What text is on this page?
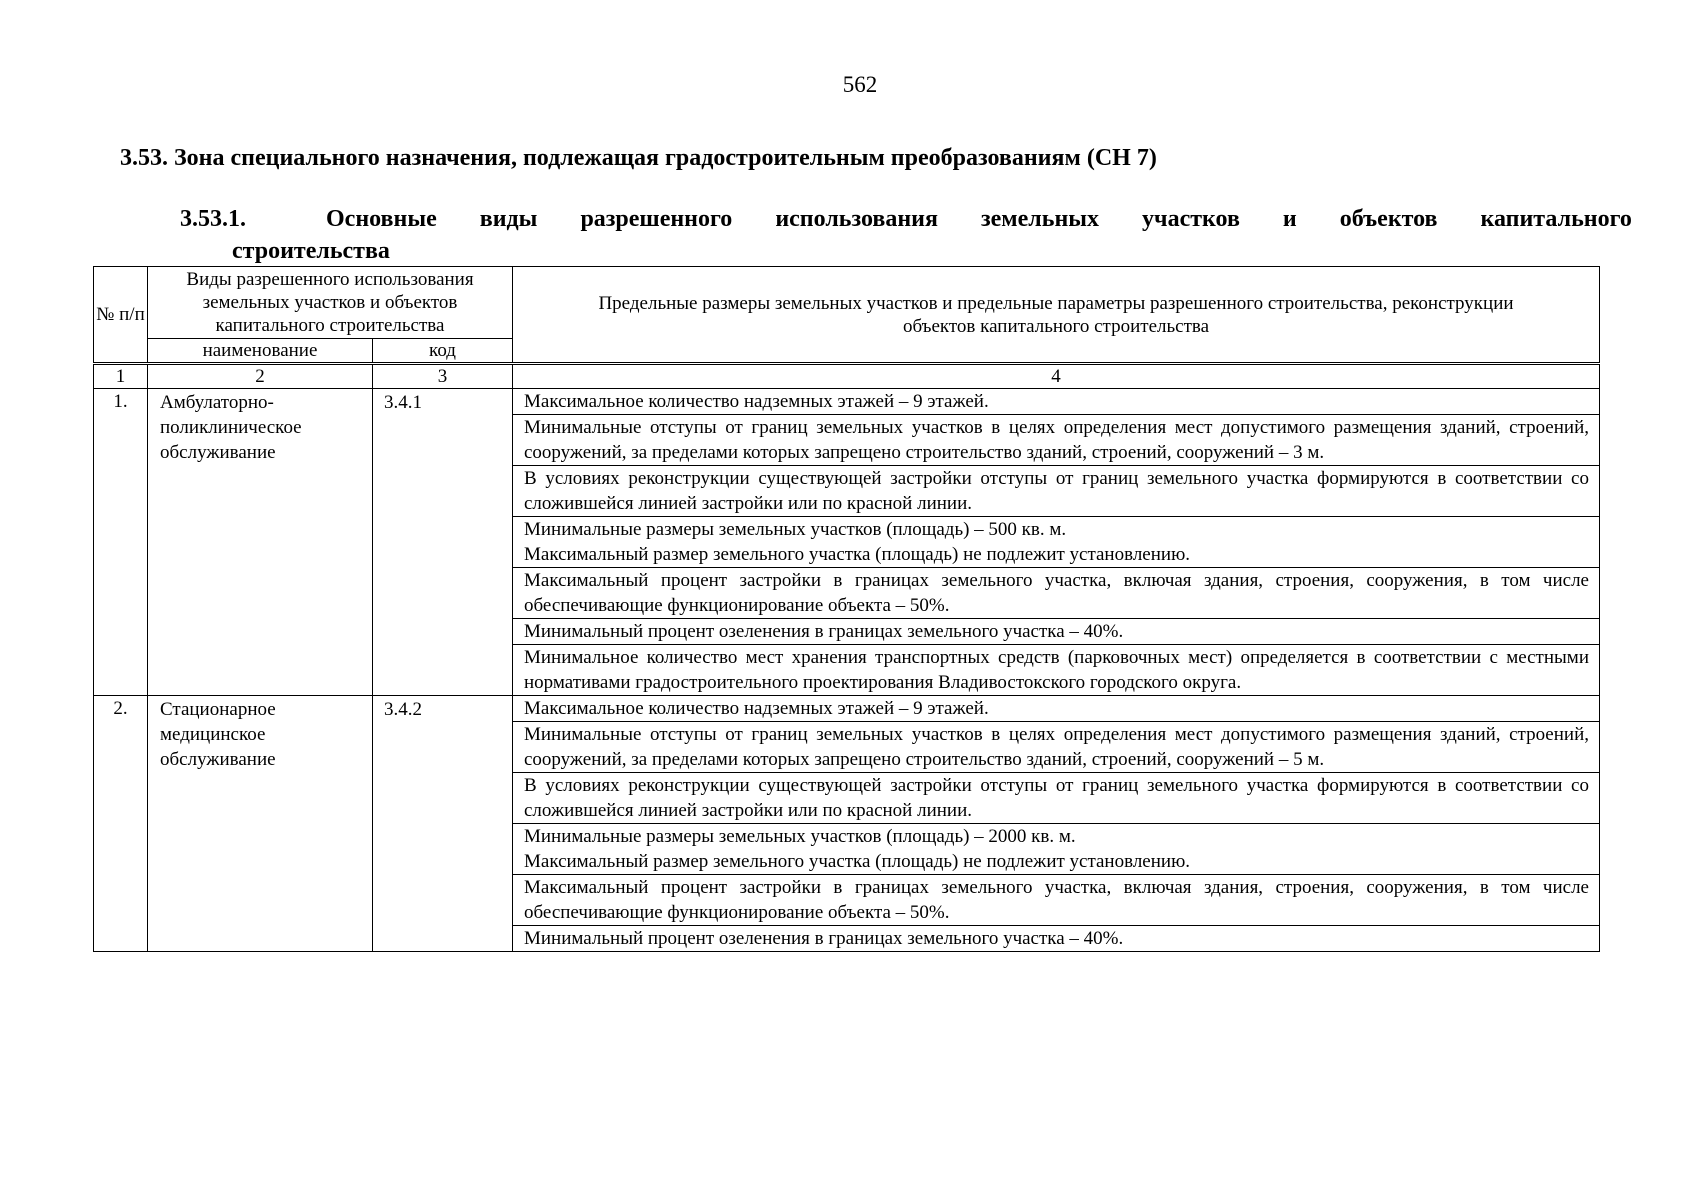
562
3.53. Зона специального назначения, подлежащая градостроительным преобразованиям (СН 7)
3.53.1.	Основные виды разрешенного использования земельных участков и объектов капитального
строительства
№ п/п	Виды разрешенного использования земельных участков и объектов капитального строительства		Предельные размеры земельных участков и предельные параметры разрешенного строительства, реконструкции объектов капитального строительства
	наименование	код	
1	2	3	4
1.	Амбулаторно-поликлиническое обслуживание	3.4.1	Максимальное количество надземных этажей – 9 этажей.
			Минимальные отступы от границ земельных участков в целях определения мест допустимого размещения зданий, строений, сооружений, за пределами которых запрещено строительство зданий, строений, сооружений – 3 м.
			В условиях реконструкции существующей застройки отступы от границ земельного участка формируются в соответствии со сложившейся линией застройки или по красной линии.

			Минимальные размеры земельных участков (площадь) – 500 кв. м.
Максимальный размер земельного участка (площадь) не подлежит установлению.

			Максимальный процент застройки в границах земельного участка, включая здания, строения, сооружения, в том числе обеспечивающие функционирование объекта – 50%.
			Минимальный процент озеленения в границах земельного участка – 40%.
			Минимальное количество мест хранения транспортных средств (парковочных мест) определяется в соответствии с местными нормативами градостроительного проектирования Владивостокского городского округа.
2.	Стационарное медицинское обслуживание	3.4.2	Максимальное количество надземных этажей – 9 этажей.
			Минимальные отступы от границ земельных участков в целях определения мест допустимого размещения зданий, строений, сооружений, за пределами которых запрещено строительство зданий, строений, сооружений – 5 м.
			В условиях реконструкции существующей застройки отступы от границ земельного участка формируются в соответствии со сложившейся линией застройки или по красной линии.

			Минимальные размеры земельных участков (площадь) – 2000 кв. м.
Максимальный размер земельного участка (площадь) не подлежит установлению.

			Максимальный процент застройки в границах земельного участка, включая здания, строения, сооружения, в том числе обеспечивающие функционирование объекта – 50%.
			Минимальный процент озеленения в границах земельного участка – 40%.
